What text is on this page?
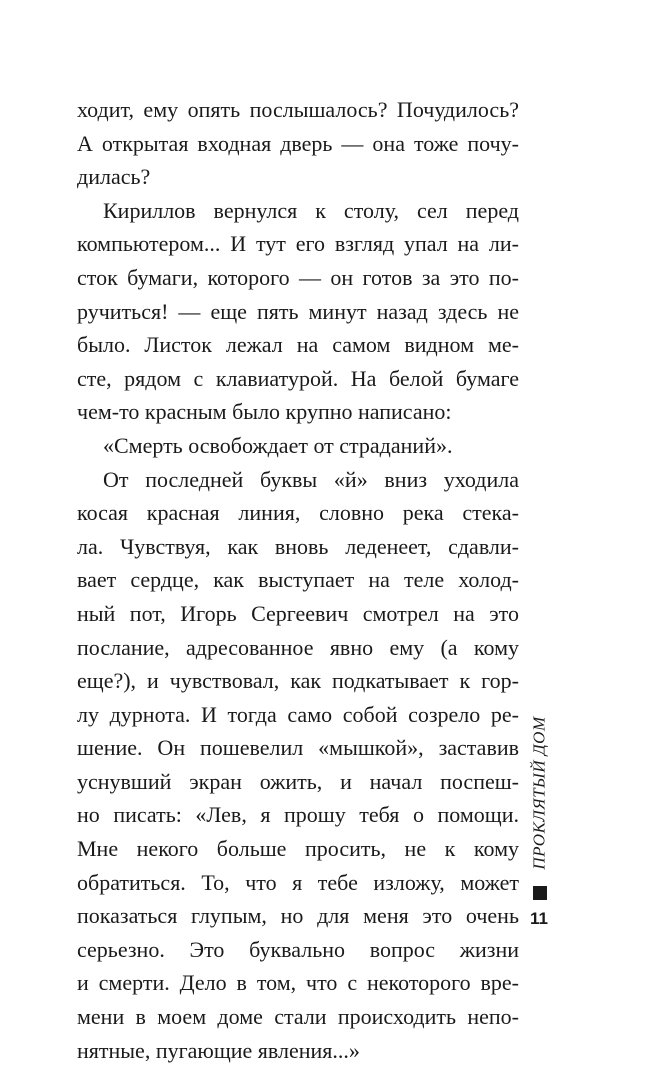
ходит, ему опять послышалось? Почудилось?
А открытая входная дверь — она тоже почу-
дилась?
Кириллов вернулся к столу, сел перед
компьютером... И тут его взгляд упал на ли-
сток бумаги, которого — он готов за это по-
ручиться! — еще пять минут назад здесь не
было. Листок лежал на самом видном ме-
сте, рядом с клавиатурой. На белой бумаге
чем-то красным было крупно написано:
«Смерть освобождает от страданий».
От последней буквы «й» вниз уходила
косая красная линия, словно река стека-
ла. Чувствуя, как вновь леденеет, сдавли-
вает сердце, как выступает на теле холод-
ный пот, Игорь Сергеевич смотрел на это
послание, адресованное явно ему (а кому
еще?), и чувствовал, как подкатывает к гор-
лу дурнота. И тогда само собой созрело ре-
шение. Он пошевелил «мышкой», заставив
уснувший экран ожить, и начал поспеш-
но писать: «Лев, я прошу тебя о помощи.
Мне некого больше просить, не к кому
обратиться. То, что я тебе изложу, может
показаться глупым, но для меня это очень
серьезно. Это буквально вопрос жизни
и смерти. Дело в том, что с некоторого вре-
мени в моем доме стали происходить непо-
нятные, пугающие явления...»
ПРОКЛЯТЫЙ ДОМ
11
